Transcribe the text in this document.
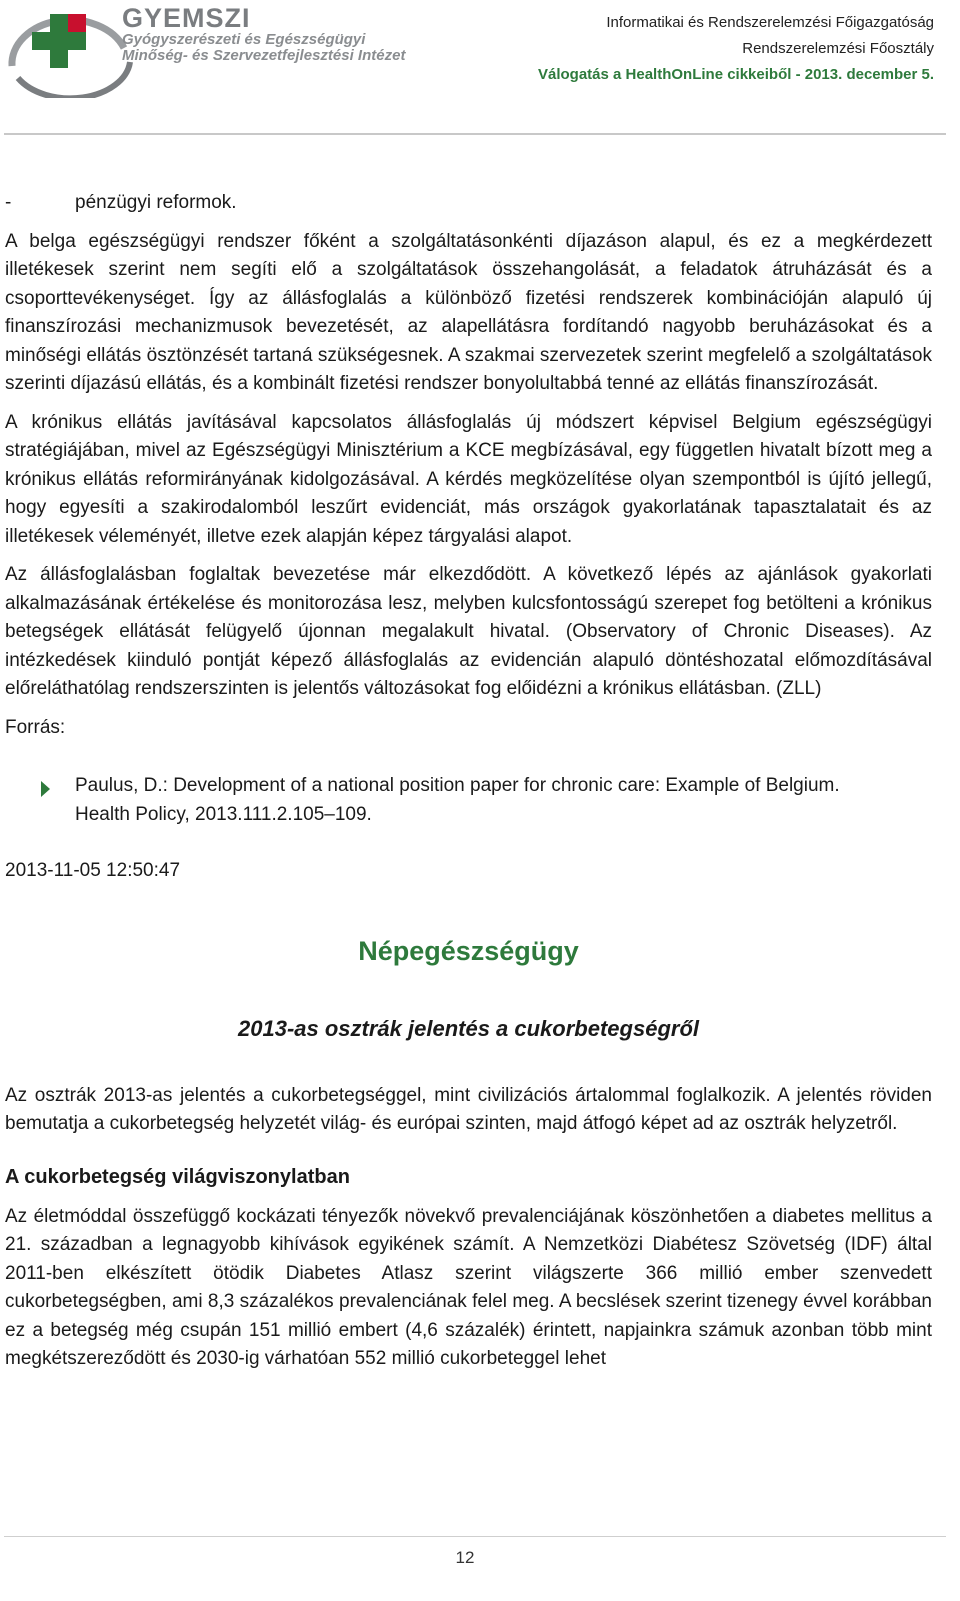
GYEMSZI
Gyógyszerészeti és Egészségügyi
Minőség- és Szervezetfejlesztési Intézet
Informatikai és Rendszerelemzési Főigazgatóság
Rendszerelemzési Főosztály
Válogatás a HealthOnLine cikkeiből - 2013. december 5.

-	pénzügyi reformok.

A belga egészségügyi rendszer főként a szolgáltatásonkénti díjazáson alapul, és ez a megkérdezett illetékesek szerint nem segíti elő a szolgáltatások összehangolását, a feladatok átruházását és a csoporttevékenységet. Így az állásfoglalás a különböző fizetési rendszerek kombinációján alapuló új finanszírozási mechanizmusok bevezetését, az alapellátásra fordítandó nagyobb beruházásokat és a minőségi ellátás ösztönzését tartaná szükségesnek. A szakmai szervezetek szerint megfelelő a szolgáltatások szerinti díjazású ellátás, és a kombinált fizetési rendszer bonyolultabbá tenné az ellátás finanszírozását.

A krónikus ellátás javításával kapcsolatos állásfoglalás új módszert képvisel Belgium egészségügyi stratégiájában, mivel az Egészségügyi Minisztérium a KCE megbízásával, egy független hivatalt bízott meg a krónikus ellátás reformirányának kidolgozásával. A kérdés megközelítése olyan szempontból is újító jellegű, hogy egyesíti a szakirodalomból leszűrt evidenciát, más országok gyakorlatának tapasztalatait és az illetékesek véleményét, illetve ezek alapján képez tárgyalási alapot.

Az állásfoglalásban foglaltak bevezetése már elkezdődött. A következő lépés az ajánlások gyakorlati alkalmazásának értékelése és monitorozása lesz, melyben kulcsfontosságú szerepet fog betölteni a krónikus betegségek ellátását felügyelő újonnan megalakult hivatal. (Observatory of Chronic Diseases). Az intézkedések kiinduló pontját képező állásfoglalás az evidencián alapuló döntéshozatal előmozdításával előreláthatólag rendszerszinten is jelentős változásokat fog előidézni a krónikus ellátásban. (ZLL)

Forrás:

Paulus, D.: Development of a national position paper for chronic care: Example of Belgium.

Health Policy, 2013.111.2.105–109.

2013-11-05 12:50:47

Népegészségügy
2013-as osztrák jelentés a cukorbetegségről

Az osztrák 2013-as jelentés a cukorbetegséggel, mint civilizációs ártalommal foglalkozik. A jelentés röviden bemutatja a cukorbetegség helyzetét világ- és európai szinten, majd átfogó képet ad az osztrák helyzetről.

A cukorbetegség világviszonylatban

Az életmóddal összefüggő kockázati tényezők növekvő prevalenciájának köszönhetően a diabetes mellitus a 21. században a legnagyobb kihívások egyikének számít. A Nemzetközi Diabétesz Szövetség (IDF) által 2011-ben elkészített ötödik Diabetes Atlasz szerint világszerte 366 millió ember szenvedett cukorbetegségben, ami 8,3 százalékos prevalenciának felel meg. A becslések szerint tizenegy évvel korábban ez a betegség még csupán 151 millió embert (4,6 százalék) érintett, napjainkra számuk azonban több mint megkétszereződött és 2030-ig várhatóan 552 millió cukorbeteggel lehet

12
